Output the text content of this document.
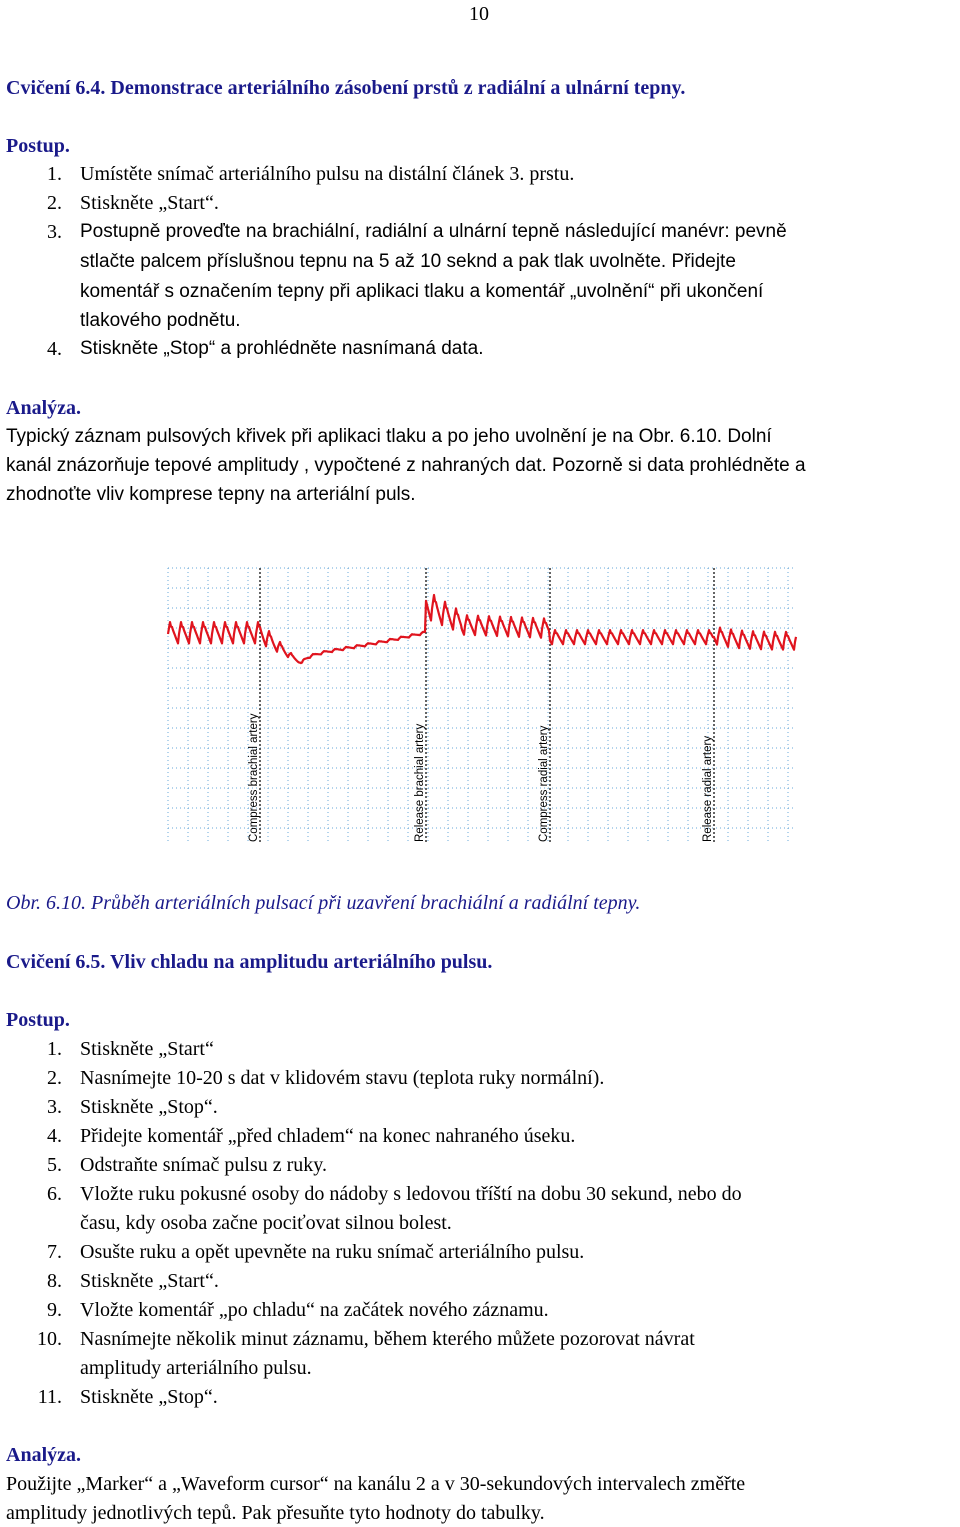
10
Cvičení 6.4. Demonstrace arteriálního zásobení prstů z radiální a ulnární tepny.
Postup.
1. Umístěte snímač arteriálního pulsu na distální článek 3. prstu.
2. Stiskněte „Start“.
3. Postupně proveďte na brachiální, radiální a ulnární tepně následující manévr: pevně
stlačte palcem příslušnou tepnu na 5 až 10 seknd a pak tlak uvolněte. Přidejte
komentář s označením tepny při aplikaci tlaku a komentář „uvolnění“ při ukončení
tlakového podnětu.
4. Stiskněte „Stop“ a prohlédněte nasnímaná data.
Analýza.
Typický záznam pulsových křivek při aplikaci tlaku a po jeho uvolnění je na Obr. 6.10. Dolní
kanál znázorňuje tepové amplitudy , vypočtené z nahraných dat. Pozorně si data prohlédněte a
zhodnoťte vliv komprese tepny na arteriální puls.
Compress brachial artery	Release brachial artery	Compress radial artery	Release radial artery
Obr. 6.10. Průběh arteriálních pulsací při uzavření brachiální a radiální tepny.
Cvičení 6.5. Vliv chladu na amplitudu arteriálního pulsu.
Postup.
1. Stiskněte „Start“
2. Nasnímejte 10-20 s dat v klidovém stavu (teplota ruky normální).
3. Stiskněte „Stop“.
4. Přidejte komentář „před chladem“ na konec nahraného úseku.
5. Odstraňte snímač pulsu z ruky.
6. Vložte ruku pokusné osoby do nádoby s ledovou tříští na dobu 30 sekund, nebo do
času, kdy osoba začne pociťovat silnou bolest.
7. Osušte ruku a opět upevněte na ruku snímač arteriálního pulsu.
8. Stiskněte „Start“.
9. Vložte komentář „po chladu“ na začátek nového záznamu.
10. Nasnímejte několik minut záznamu, během kterého můžete pozorovat návrat
amplitudy arteriálního pulsu.
11. Stiskněte „Stop“.
Analýza.
Použijte „Marker“ a „Waveform cursor“ na kanálu 2 a v 30-sekundových intervalech změřte
amplitudy jednotlivých tepů. Pak přesuňte tyto hodnoty do tabulky.
